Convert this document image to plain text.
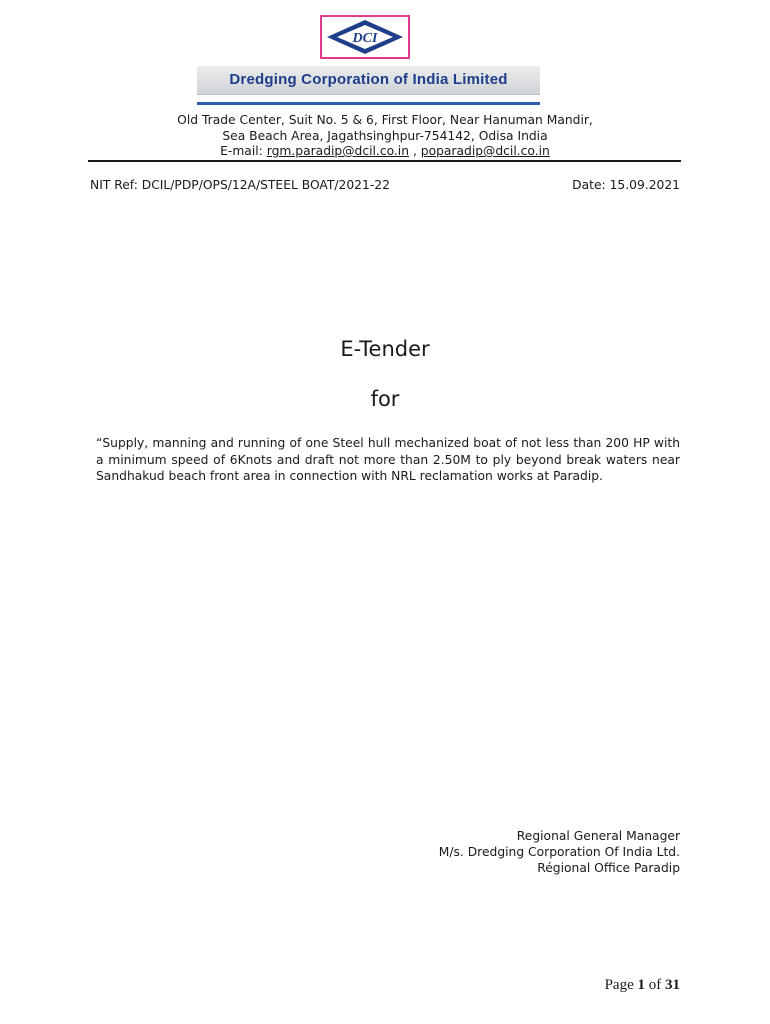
DCI
Dredging Corporation of India Limited
Old Trade Center, Suit No. 5 & 6, First Floor, Near Hanuman Mandir,
Sea Beach Area, Jagathsinghpur-754142, Odisa India
E-mail: rgm.paradip@dcil.co.in , poparadip@dcil.co.in
NIT Ref: DCIL/PDP/OPS/12A/STEEL BOAT/2021-22	Date: 15.09.2021
E-Tender
for
“Supply, manning and running of one Steel hull mechanized boat of not less than 200 HP with a minimum speed of 6Knots and draft not more than 2.50M to ply beyond break waters near Sandhakud beach front area in connection with NRL reclamation works at Paradip.
Regional General Manager
M/s. Dredging Corporation Of India Ltd.
Régional Office Paradip
Page 1 of 31
